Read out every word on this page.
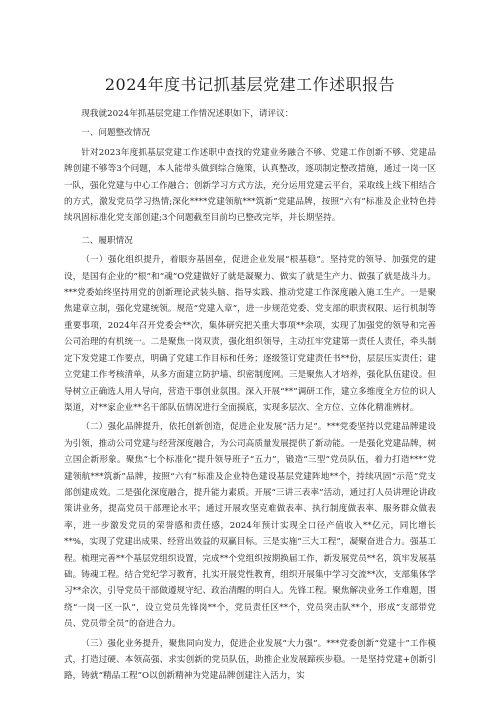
2024年度书记抓基层党建工作述职报告

现我就2024年抓基层党建工作情况述职如下，请评议：

一、问题整改情况

针对2023年度抓基层党建工作述职中查找的党建业务融合不够、党建工作创新不够、党建品牌创建不够等3个问题，本人能带头做到综合施策，认真整改，逐项制定整改措施，通过一岗一区一队，强化党建与中心工作融合；创新学习方式方法，充分运用党建云平台，采取线上线下相结合的方式，激发党员学习热情;深化****党建领航***筑新”党建品牌，按照“六有”标准及企业特色持续巩固标准化党支部创建;3个问题截至目前均已整改完毕，并长期坚持。

二、履职情况

（一）强化组织提升，着眼夯基固垒，促进企业发展“根基稳”。坚持党的领导、加强党的建设，是国有企业的“根”和“魂”O党建做好了就是凝聚力、做实了就是生产力、做强了就是战斗力。***党委始终坚持用党的创新理论武装头脑、指导实践、推动党建工作深度融入施工生产。一是聚焦建章立制，强化党建统领。规范“党建入章”，进一步规范党委、党支部的职责权限、运行机制等重要事项，2024年召开党委会**次，集体研究把关重大事项**余项，实现了加强党的领导和完善公司治理的有机统一。二是聚焦一岗双责，强化组织领导，主动扛牢党建第一责任人责任，牵头制定下发党建工作要点，明确了党建工作目标和任务；逐级签订党建责任书**份，层层压实责任；建立党建工作考核清单，从多方面建立防护墙、织密制度网。三是聚焦人才培养，强化队伍建设。但导树立正确选人用人导向，营造干事创业氛围。深入开展“**”调研工作，建立多维度全方位的识人渠道，对**家企业**名干部队伍情况进行全面摸底，实现多层次、全方位、立体化精准辨材。

（二）强化品牌提升，依托创新创造，促进企业发展“活力足”。***党委坚持以党建品牌建设为引领，推动公司党建与经营深度融合，为公司高质量发展提供了新动能。一是强化党建品牌，树立国企新形象。聚焦“七个标准化”提升领导班子“五力”，锻造“三型”党员队伍，着力打造***“党建领航***筑新”品牌，按照“六有”标准及企业特色建设基层党建阵地**个，持续巩固“示范”党支部创建成效。二是强化深度融合，提升能力素质。开展“三讲三表率”活动，通过打人员讲理论讲政策讲业务，提高党员干部理论水平；通过开展攻坚克难做表率、执行制度做表率、服务群众做表率，进一步激发党员的荣誉感和责任感，2024年预计实现全口径产值收入**亿元，同比增长**%，实现了党建出成果、经营出效益的双赢目标。三是实施“三大工程”，凝聚奋进合力。强基工程。梳理完善**个基层党组织设置，完成**个党组织按期换届工作，新发展党员**名，筑牢发展基础。铸魂工程。结合党纪学习教育，扎实开展党性教育，组织开展集中学习交流**次，支部集体学习**余次，引导党员干部做遵规守纪、政治清醒的明白人。先锋工程。聚焦解决业务工作难题，围绕“一岗一区一队”，设立党员先锋岗**个，党员责任区**个，党员突击队**个，形成“支部带党员、党员带全员”的奋进合力。

（三）强化业务提升，聚焦同向发力，促进企业发展“大力强”。***党委创新“党建十”工作模式，打造过硬、本领高强、求实创新的党员队伍，助推企业发展蹄疾步稳。一是坚持党建+创新引路，铸就“精品工程”O以创新精神为党建品牌创建注入活力，实
